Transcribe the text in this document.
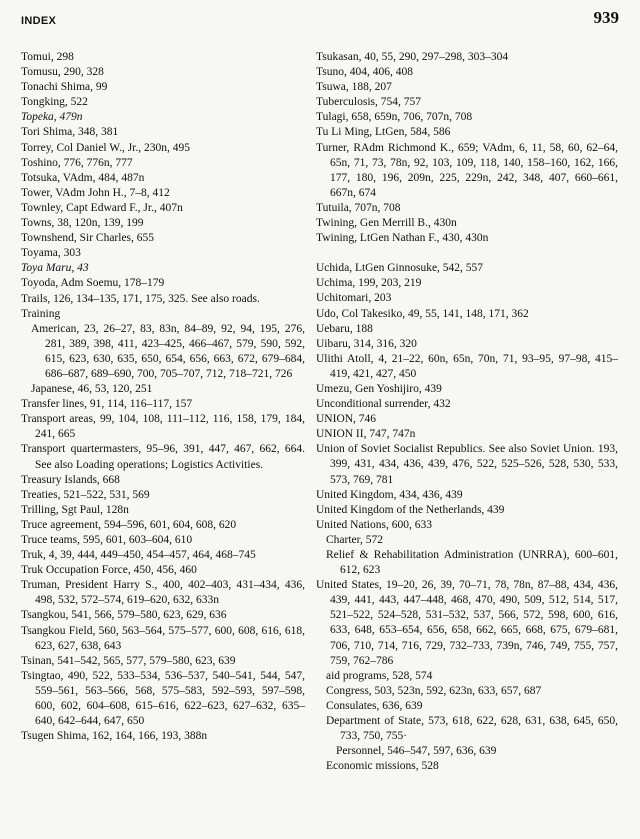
INDEX	939
Tomui, 298
Tomusu, 290, 328
Tonachi Shima, 99
Tongking, 522
Topeka, 479n
Tori Shima, 348, 381
Torrey, Col Daniel W., Jr., 230n, 495
Toshino, 776, 776n, 777
Totsuka, VAdm, 484, 487n
Tower, VAdm John H., 7–8, 412
Townley, Capt Edward F., Jr., 407n
Towns, 38, 120n, 139, 199
Townshend, Sir Charles, 655
Toyama, 303
Toya Maru, 43
Toyoda, Adm Soemu, 178–179
Trails, 126, 134–135, 171, 175, 325. See also roads.
Training
American, 23, 26–27, 83, 83n, 84–89, 92, 94, 195, 276, 281, 389, 398, 411, 423–425, 466–467, 579, 590, 592, 615, 623, 630, 635, 650, 654, 656, 663, 672, 679–684, 686–687, 689–690, 700, 705–707, 712, 718–721, 726
Japanese, 46, 53, 120, 251
Transfer lines, 91, 114, 116–117, 157
Transport areas, 99, 104, 108, 111–112, 116, 158, 179, 184, 241, 665
Transport quartermasters, 95–96, 391, 447, 467, 662, 664. See also Loading operations; Logistics Activities.
Treasury Islands, 668
Treaties, 521–522, 531, 569
Trilling, Sgt Paul, 128n
Truce agreement, 594–596, 601, 604, 608, 620
Truce teams, 595, 601, 603–604, 610
Truk, 4, 39, 444, 449–450, 454–457, 464, 468–745
Truk Occupation Force, 450, 456, 460
Truman, President Harry S., 400, 402–403, 431–434, 436, 498, 532, 572–574, 619–620, 632, 633n
Tsangkou, 541, 566, 579–580, 623, 629, 636
Tsangkou Field, 560, 563–564, 575–577, 600, 608, 616, 618, 623, 627, 638, 643
Tsinan, 541–542, 565, 577, 579–580, 623, 639
Tsingtao, 490, 522, 533–534, 536–537, 540–541, 544, 547, 559–561, 563–566, 568, 575–583, 592–593, 597–598, 600, 602, 604–608, 615–616, 622–623, 627–632, 635–640, 642–644, 647, 650
Tsugen Shima, 162, 164, 166, 193, 388n
Tsukasan, 40, 55, 290, 297–298, 303–304
Tsuno, 404, 406, 408
Tsuwa, 188, 207
Tuberculosis, 754, 757
Tulagi, 658, 659n, 706, 707n, 708
Tu Li Ming, LtGen, 584, 586
Turner, RAdm Richmond K., 659; VAdm, 6, 11, 58, 60, 62–64, 65n, 71, 73, 78n, 92, 103, 109, 118, 140, 158–160, 162, 166, 177, 180, 196, 209n, 225, 229n, 242, 348, 407, 660–661, 667n, 674
Tutuila, 707n, 708
Twining, Gen Merrill B., 430n
Twining, LtGen Nathan F., 430, 430n
Uchida, LtGen Ginnosuke, 542, 557
Uchima, 199, 203, 219
Uchitomari, 203
Udo, Col Takesiko, 49, 55, 141, 148, 171, 362
Uebaru, 188
Uibaru, 314, 316, 320
Ulithi Atoll, 4, 21–22, 60n, 65n, 70n, 71, 93–95, 97–98, 415–419, 421, 427, 450
Umezu, Gen Yoshijiro, 439
Unconditional surrender, 432
UNION, 746
UNION II, 747, 747n
Union of Soviet Socialist Republics. See also Soviet Union. 193, 399, 431, 434, 436, 439, 476, 522, 525–526, 528, 530, 533, 573, 769, 781
United Kingdom, 434, 436, 439
United Kingdom of the Netherlands, 439
United Nations, 600, 633
Charter, 572
Relief & Rehabilitation Administration (UNRRA), 600–601, 612, 623
United States, 19–20, 26, 39, 70–71, 78, 78n, 87–88, 434, 436, 439, 441, 443, 447–448, 468, 470, 490, 509, 512, 514, 517, 521–522, 524–528, 531–532, 537, 566, 572, 598, 600, 616, 633, 648, 653–654, 656, 658, 662, 665, 668, 675, 679–681, 706, 710, 714, 716, 729, 732–733, 739n, 746, 749, 755, 757, 759, 762–786
aid programs, 528, 574
Congress, 503, 523n, 592, 623n, 633, 657, 687
Consulates, 636, 639
Department of State, 573, 618, 622, 628, 631, 638, 645, 650, 733, 750, 755·
Personnel, 546–547, 597, 636, 639
Economic missions, 528
